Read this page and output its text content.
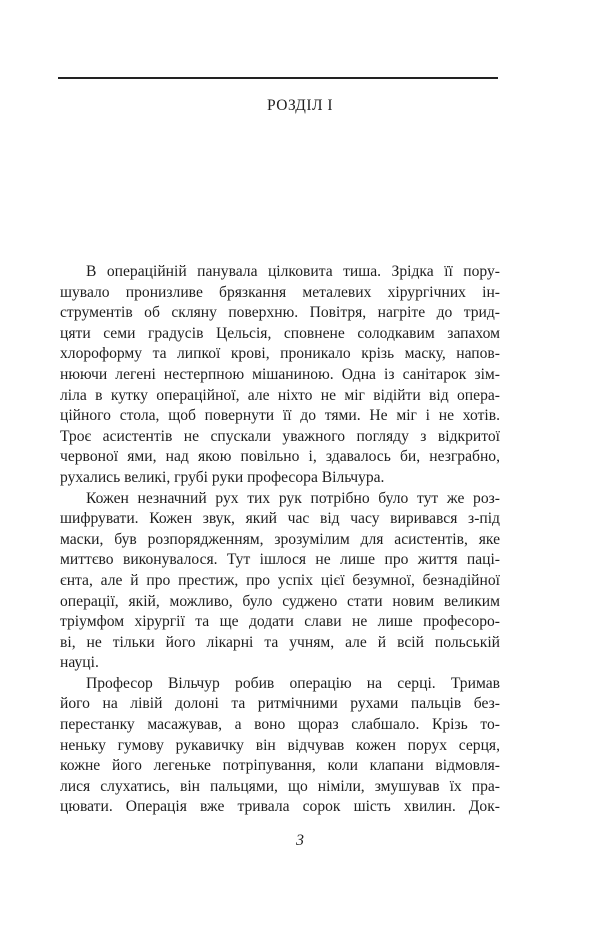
РОЗДІЛ І
В операційній панувала цілковита тиша. Зрідка її пору-
шувало пронизливе брязкання металевих хірургічних ін-
струментів об скляну поверхню. Повітря, нагріте до трид-
цяти семи градусів Цельсія, сповнене солодкавим запахом
хлороформу та липкої крові, проникало крізь маску, напов-
нюючи легені нестерпною мішаниною. Одна із санітарок зім-
ліла в кутку операційної, але ніхто не міг відійти від опера-
ційного стола, щоб повернути її до тями. Не міг і не хотів.
Троє асистентів не спускали уважного погляду з відкритої
червоної ями, над якою повільно і, здавалось би, незграбно,
рухались великі, грубі руки професора Вільчура.
Кожен незначний рух тих рук потрібно було тут же роз-
шифрувати. Кожен звук, який час від часу виривався з-під
маски, був розпорядженням, зрозумілим для асистентів, яке
миттєво виконувалося. Тут ішлося не лише про життя паці-
єнта, але й про престиж, про успіх цієї безумної, безнадійної
операції, якій, можливо, було суджено стати новим великим
тріумфом хірургії та ще додати слави не лише професоро-
ві, не тільки його лікарні та учням, але й всій польській
науці.
Професор Вільчур робив операцію на серці. Тримав
його на лівій долоні та ритмічними рухами пальців без-
перестанку масажував, а воно щораз слабшало. Крізь то-
неньку гумову рукавичку він відчував кожен порух серця,
кожне його легеньке потріпування, коли клапани відмовля-
лися слухатись, він пальцями, що німіли, змушував їх пра-
цювати. Операція вже тривала сорок шість хвилин. Док-
3
